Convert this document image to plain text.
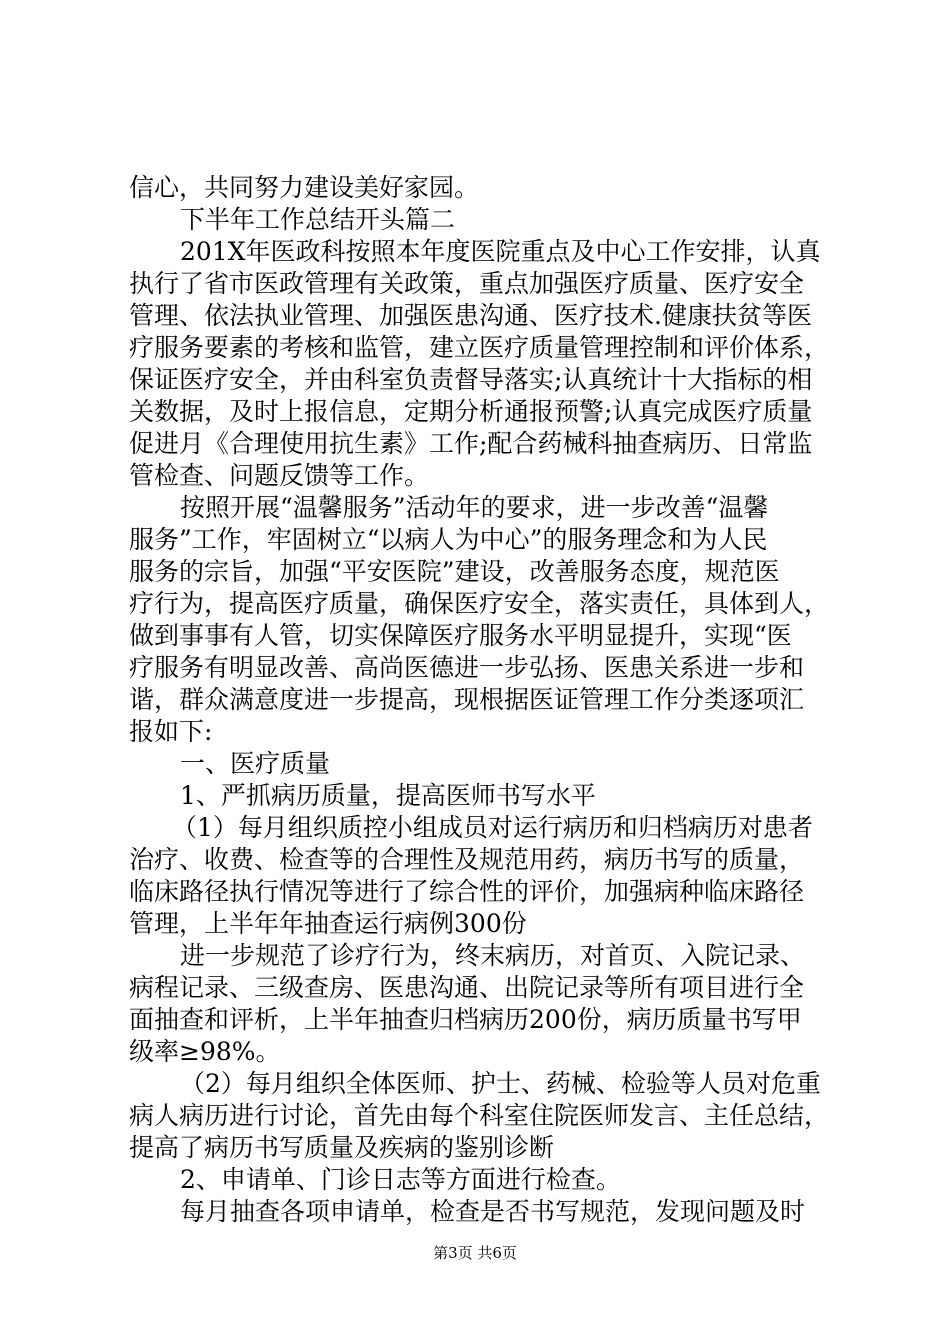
信心，共同努力建设美好家园。
下半年工作总结开头篇二
201X年医政科按照本年度医院重点及中心工作安排，认真
执行了省市医政管理有关政策，重点加强医疗质量、医疗安全
管理、依法执业管理、加强医患沟通、医疗技术.健康扶贫等医
疗服务要素的考核和监管，建立医疗质量管理控制和评价体系，
保证医疗安全，并由科室负责督导落实;认真统计十大指标的相
关数据，及时上报信息，定期分析通报预警;认真完成医疗质量
促进月《合理使用抗生素》工作;配合药械科抽查病历、日常监
管检查、问题反馈等工作。
按照开展“温馨服务”活动年的要求，进一步改善“温馨
服务”工作，牢固树立“以病人为中心”的服务理念和为人民
服务的宗旨，加强“平安医院”建设，改善服务态度，规范医
疗行为，提高医疗质量，确保医疗安全，落实责任，具体到人，
做到事事有人管，切实保障医疗服务水平明显提升，实现“医
疗服务有明显改善、高尚医德进一步弘扬、医患关系进一步和
谐，群众满意度进一步提高，现根据医证管理工作分类逐项汇
报如下:
一、医疗质量
1、严抓病历质量，提高医师书写水平
（1）每月组织质控小组成员对运行病历和归档病历对患者
治疗、收费、检查等的合理性及规范用药，病历书写的质量，
临床路径执行情况等进行了综合性的评价，加强病种临床路径
管理，上半年年抽查运行病例300份
进一步规范了诊疗行为，终末病历，对首页、入院记录、
病程记录、三级查房、医患沟通、出院记录等所有项目进行全
面抽查和评析，上半年抽查归档病历200份，病历质量书写甲
级率≥98%。
（2）每月组织全体医师、护士、药械、检验等人员对危重
病人病历进行讨论，首先由每个科室住院医师发言、主任总结，
提高了病历书写质量及疾病的鉴别诊断
2、申请单、门诊日志等方面进行检查。
每月抽查各项申请单，检查是否书写规范，发现问题及时
第3页 共6页
